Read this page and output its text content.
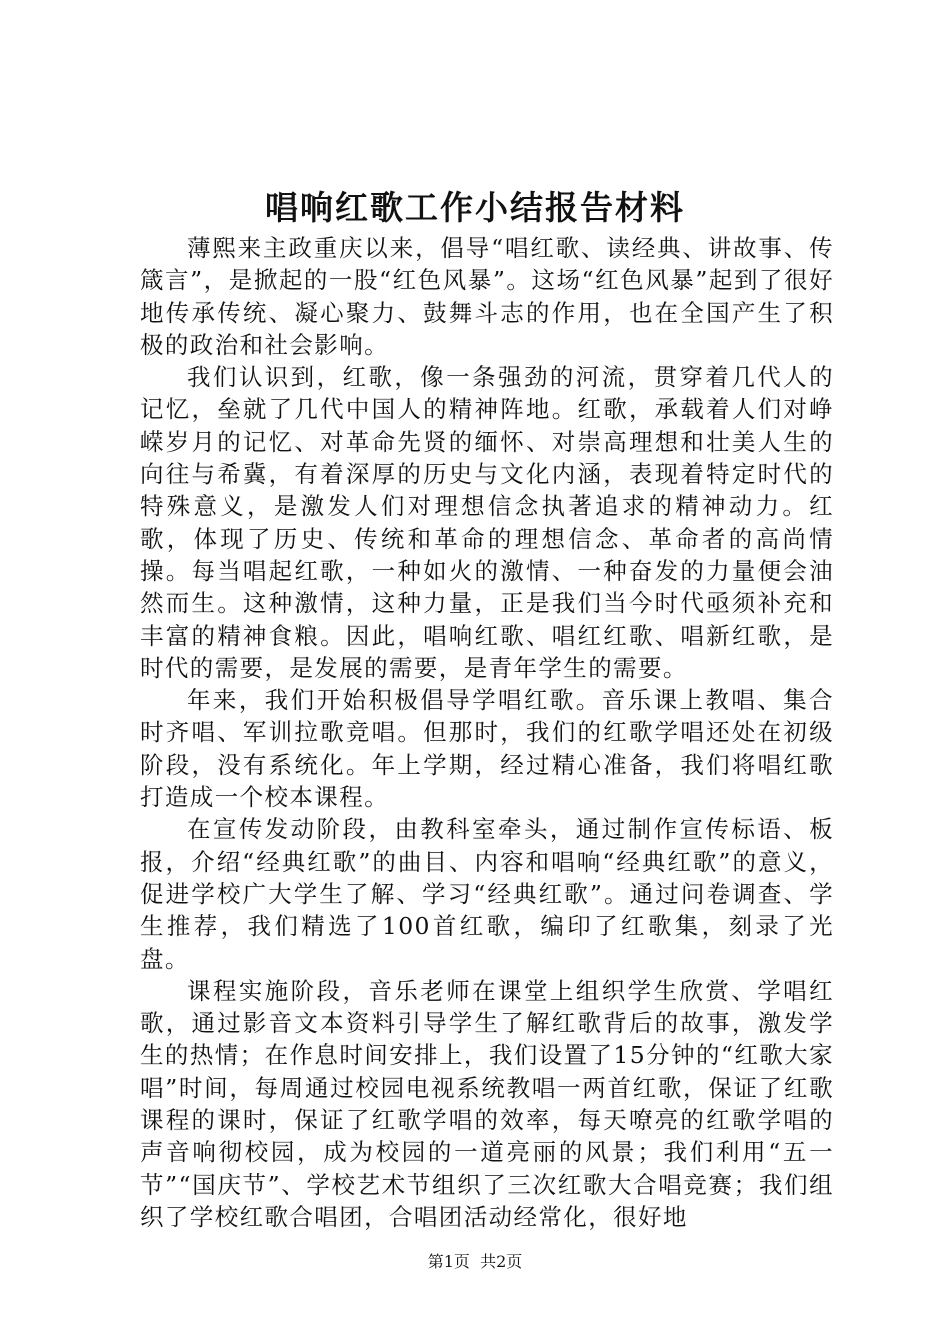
唱响红歌工作小结报告材料

薄熙来主政重庆以来，倡导“唱红歌、读经典、讲故事、传箴言”，是掀起的一股“红色风暴”。这场“红色风暴”起到了很好地传承传统、凝心聚力、鼓舞斗志的作用，也在全国产生了积极的政治和社会影响。

我们认识到，红歌，像一条强劲的河流，贯穿着几代人的记忆，垒就了几代中国人的精神阵地。红歌，承载着人们对峥嵘岁月的记忆、对革命先贤的缅怀、对崇高理想和壮美人生的向往与希冀，有着深厚的历史与文化内涵，表现着特定时代的特殊意义，是激发人们对理想信念执著追求的精神动力。红歌，体现了历史、传统和革命的理想信念、革命者的高尚情操。每当唱起红歌，一种如火的激情、一种奋发的力量便会油然而生。这种激情，这种力量，正是我们当今时代亟须补充和丰富的精神食粮。因此，唱响红歌、唱红红歌、唱新红歌，是时代的需要，是发展的需要，是青年学生的需要。

年来，我们开始积极倡导学唱红歌。音乐课上教唱、集合时齐唱、军训拉歌竞唱。但那时，我们的红歌学唱还处在初级阶段，没有系统化。年上学期，经过精心准备，我们将唱红歌打造成一个校本课程。

在宣传发动阶段，由教科室牵头，通过制作宣传标语、板报，介绍“经典红歌”的曲目、内容和唱响“经典红歌”的意义，促进学校广大学生了解、学习“经典红歌”。通过问卷调查、学生推荐，我们精选了100首红歌，编印了红歌集，刻录了光盘。

课程实施阶段，音乐老师在课堂上组织学生欣赏、学唱红歌，通过影音文本资料引导学生了解红歌背后的故事，激发学生的热情；在作息时间安排上，我们设置了15分钟的“红歌大家唱”时间，每周通过校园电视系统教唱一两首红歌，保证了红歌课程的课时，保证了红歌学唱的效率，每天嘹亮的红歌学唱的声音响彻校园，成为校园的一道亮丽的风景；我们利用“五一节”“国庆节”、学校艺术节组织了三次红歌大合唱竞赛；我们组织了学校红歌合唱团，合唱团活动经常化，很好地

第1页 共2页
